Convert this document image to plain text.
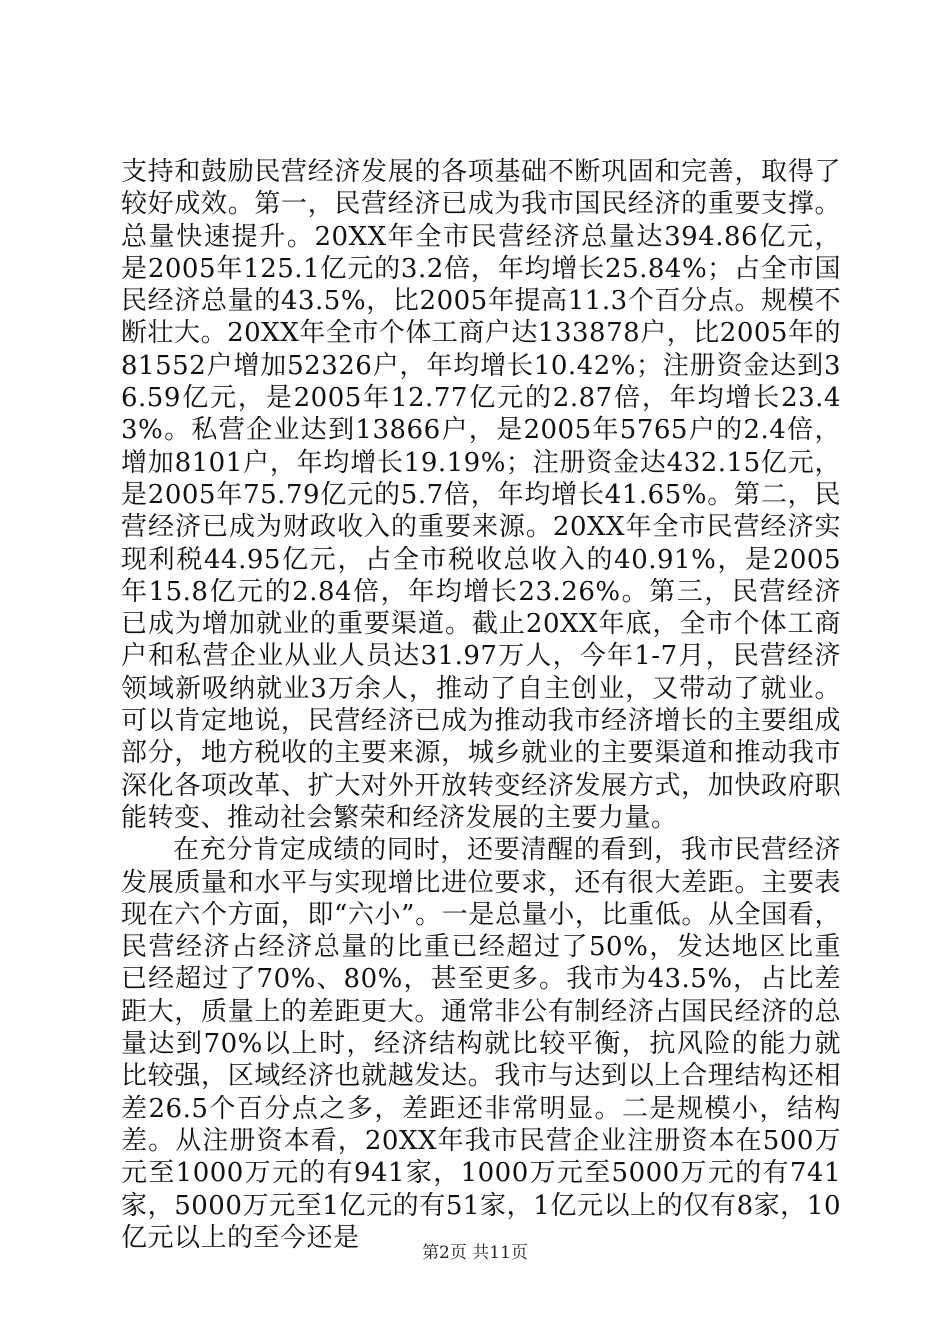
支持和鼓励民营经济发展的各项基础不断巩固和完善，取得了较好成效。第一，民营经济已成为我市国民经济的重要支撑。总量快速提升。20XX年全市民营经济总量达394.86亿元，是2005年125.1亿元的3.2倍，年均增长25.84%；占全市国民经济总量的43.5%，比2005年提高11.3个百分点。规模不断壮大。20XX年全市个体工商户达133878户，比2005年的81552户增加52326户，年均增长10.42%；注册资金达到36.59亿元，是2005年12.77亿元的2.87倍，年均增长23.43%。私营企业达到13866户，是2005年5765户的2.4倍，增加8101户，年均增长19.19%；注册资金达432.15亿元，是2005年75.79亿元的5.7倍，年均增长41.65%。第二，民营经济已成为财政收入的重要来源。20XX年全市民营经济实现利税44.95亿元，占全市税收总收入的40.91%，是2005年15.8亿元的2.84倍，年均增长23.26%。第三，民营经济已成为增加就业的重要渠道。截止20XX年底，全市个体工商户和私营企业从业人员达31.97万人，今年1-7月，民营经济领域新吸纳就业3万余人，推动了自主创业，又带动了就业。可以肯定地说，民营经济已成为推动我市经济增长的主要组成部分，地方税收的主要来源，城乡就业的主要渠道和推动我市深化各项改革、扩大对外开放转变经济发展方式，加快政府职能转变、推动社会繁荣和经济发展的主要力量。

在充分肯定成绩的同时，还要清醒的看到，我市民营经济发展质量和水平与实现增比进位要求，还有很大差距。主要表现在六个方面，即“六小”。一是总量小，比重低。从全国看，民营经济占经济总量的比重已经超过了50%，发达地区比重已经超过了70%、80%，甚至更多。我市为43.5%，占比差距大，质量上的差距更大。通常非公有制经济占国民经济的总量达到70%以上时，经济结构就比较平衡，抗风险的能力就比较强，区域经济也就越发达。我市与达到以上合理结构还相差26.5个百分点之多，差距还非常明显。二是规模小，结构差。从注册资本看，20XX年我市民营企业注册资本在500万元至1000万元的有941家，1000万元至5000万元的有741家，5000万元至1亿元的有51家，1亿元以上的仅有8家，10亿元以上的至今还是

第2页 共11页
